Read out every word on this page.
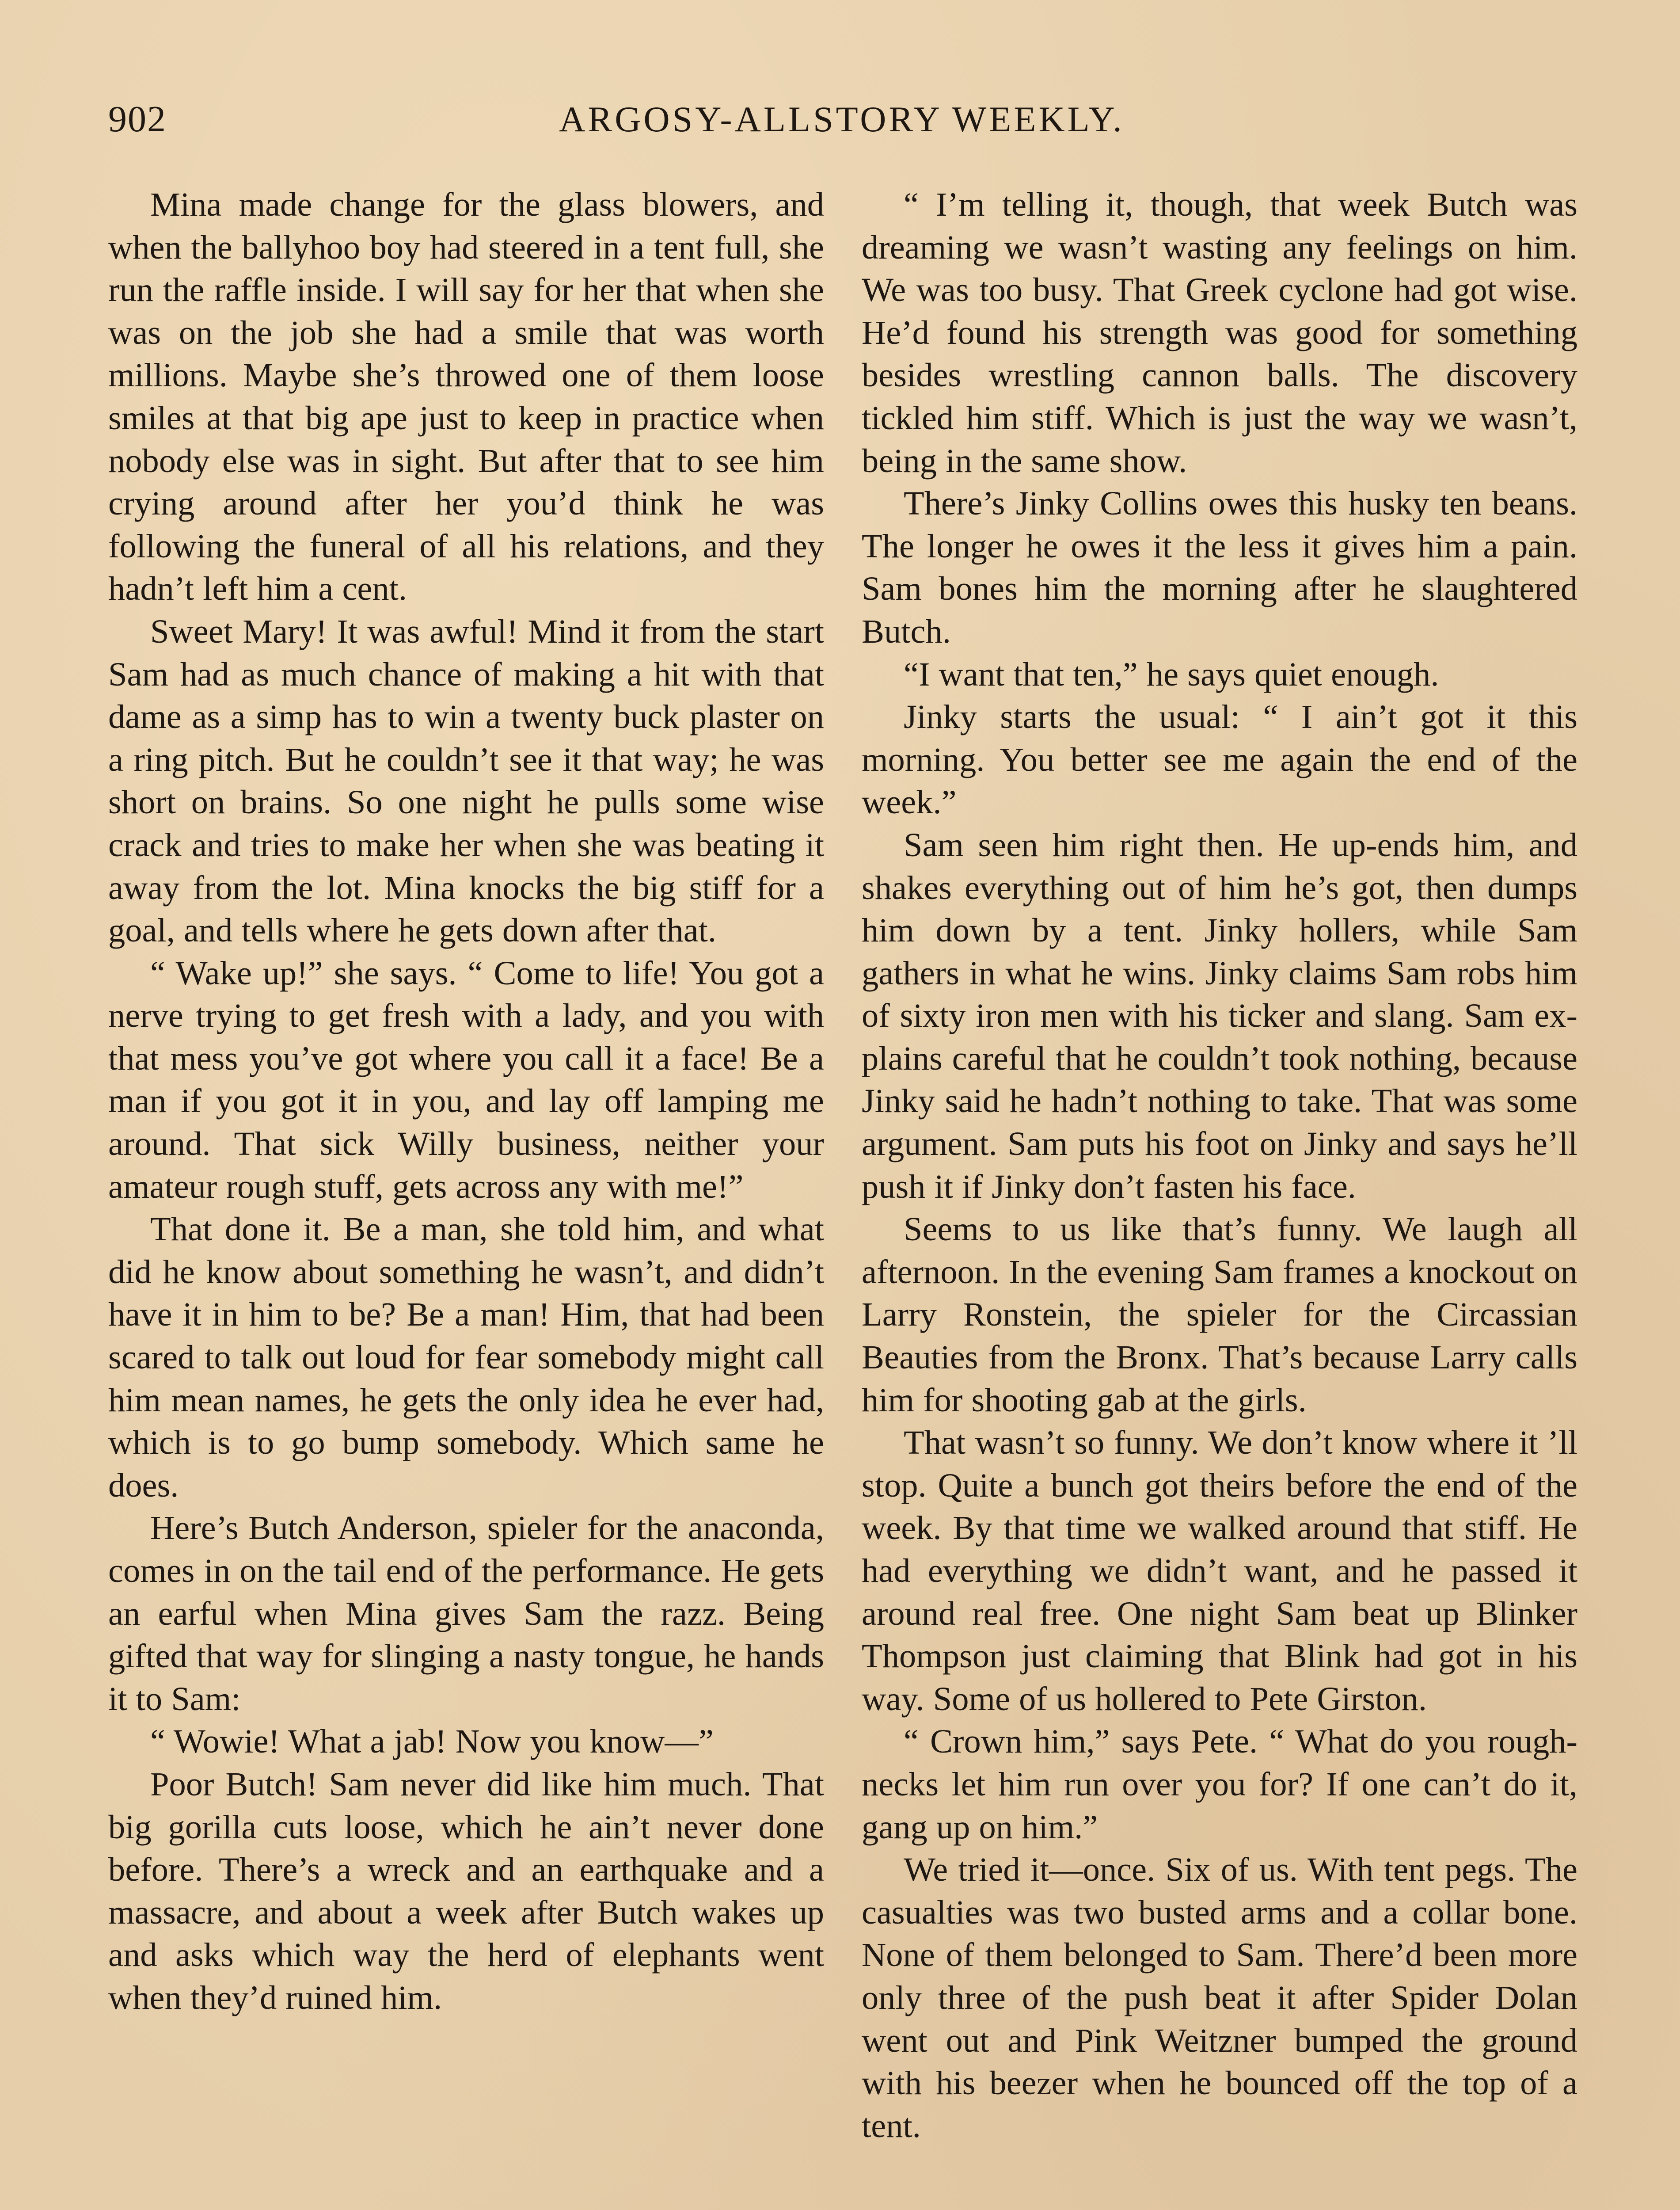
902	ARGOSY-ALLSTORY WEEKLY.

Mina made change for the glass blowers, and when the ballyhoo boy had steered in a tent full, she run the raffle inside. I will say for her that when she was on the job she had a smile that was worth millions. Maybe she’s throwed one of them loose smiles at that big ape just to keep in practice when nobody else was in sight. But after that to see him crying around after her you’d think he was following the funeral of all his relations, and they hadn’t left him a cent.

Sweet Mary! It was awful! Mind it from the start Sam had as much chance of making a hit with that dame as a simp has to win a twenty buck plaster on a ring pitch. But he couldn’t see it that way; he was short on brains. So one night he pulls some wise crack and tries to make her when she was beating it away from the lot. Mina knocks the big stiff for a goal, and tells where he gets down after that.

“ Wake up!” she says. “ Come to life! You got a nerve trying to get fresh with a lady, and you with that mess you’ve got where you call it a face! Be a man if you got it in you, and lay off lamping me around. That sick Willy business, neither your amateur rough stuff, gets across any with me!”

That done it. Be a man, she told him, and what did he know about something he wasn’t, and didn’t have it in him to be? Be a man! Him, that had been scared to talk out loud for fear somebody might call him mean names, he gets the only idea he ever had, which is to go bump somebody. Which same he does.

Here’s Butch Anderson, spieler for the anaconda, comes in on the tail end of the performance. He gets an earful when Mina gives Sam the razz. Being gifted that way for slinging a nasty tongue, he hands it to Sam:

“ Wowie! What a jab! Now you know—”

Poor Butch! Sam never did like him much. That big gorilla cuts loose, which he ain’t never done before. There’s a wreck and an earthquake and a massacre, and about a week after Butch wakes up and asks which way the herd of elephants went when they’d ruined him.

“ I’m telling it, though, that week Butch was dreaming we wasn’t wasting any feelings on him. We was too busy. That Greek cyclone had got wise. He’d found his strength was good for something besides wrestling cannon balls. The discovery tickled him stiff. Which is just the way we wasn’t, being in the same show.

There’s Jinky Collins owes this husky ten beans. The longer he owes it the less it gives him a pain. Sam bones him the morning after he slaughtered Butch.

“I want that ten,” he says quiet enough.

Jinky starts the usual: “ I ain’t got it this morning. You better see me again the end of the week.”

Sam seen him right then. He up-ends him, and shakes everything out of him he’s got, then dumps him down by a tent. Jinky hollers, while Sam gathers in what he wins. Jinky claims Sam robs him of sixty iron men with his ticker and slang. Sam explains careful that he couldn’t took nothing, because Jinky said he hadn’t nothing to take. That was some argument. Sam puts his foot on Jinky and says he’ll push it if Jinky don’t fasten his face.

Seems to us like that’s funny. We laugh all afternoon. In the evening Sam frames a knockout on Larry Ronstein, the spieler for the Circassian Beauties from the Bronx. That’s because Larry calls him for shooting gab at the girls.

That wasn’t so funny. We don’t know where it ’ll stop. Quite a bunch got theirs before the end of the week. By that time we walked around that stiff. He had everything we didn’t want, and he passed it around real free. One night Sam beat up Blinker Thompson just claiming that Blink had got in his way. Some of us hollered to Pete Girston.

“ Crown him,” says Pete. “ What do you rough-necks let him run over you for? If one can’t do it, gang up on him.”

We tried it—once. Six of us. With tent pegs. The casualties was two busted arms and a collar bone. None of them belonged to Sam. There’d been more only three of the push beat it after Spider Dolan went out and Pink Weitzner bumped the ground with his beezer when he bounced off the top of a tent.
